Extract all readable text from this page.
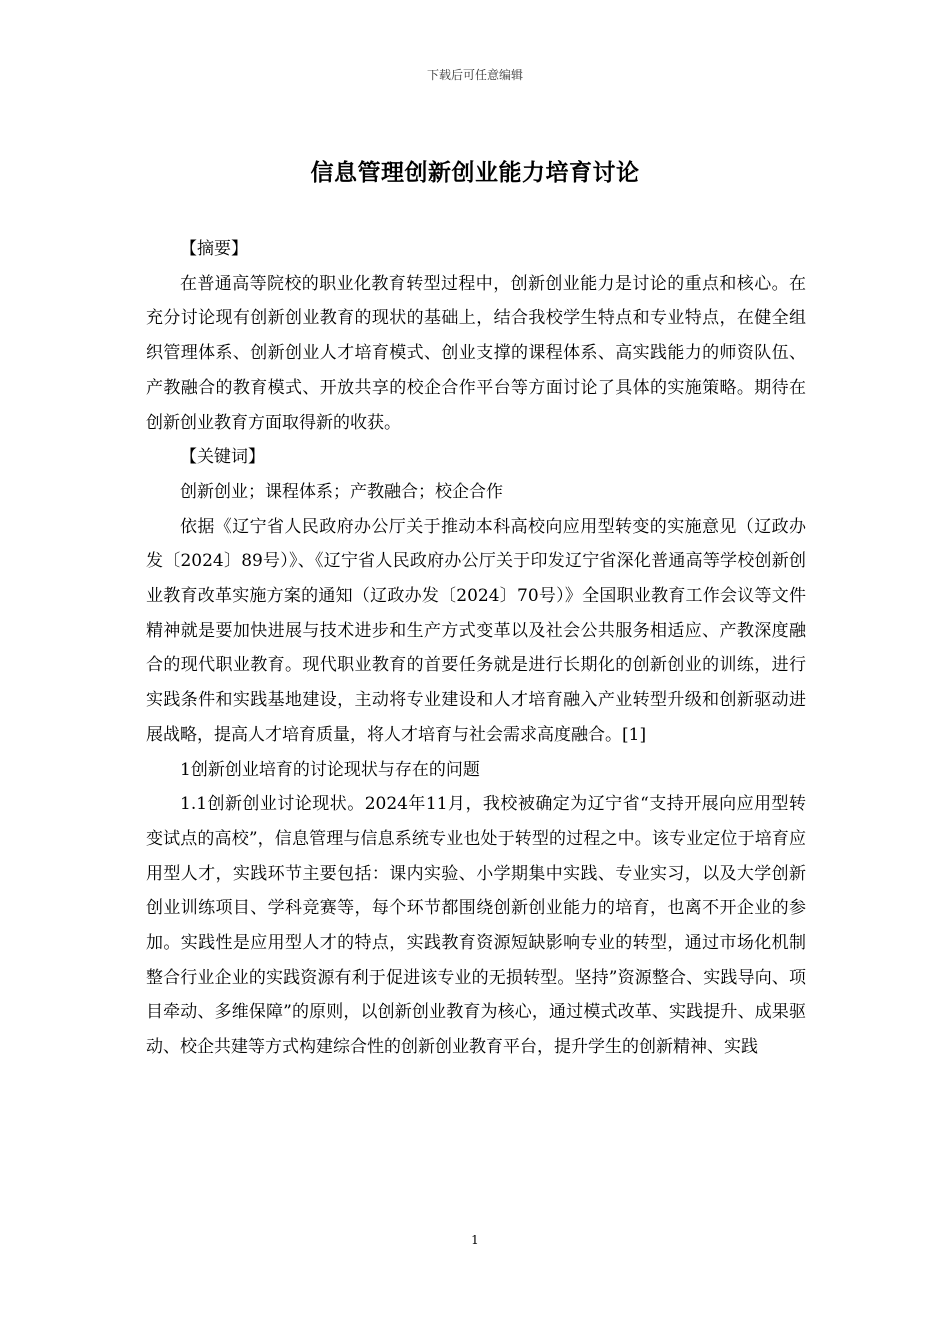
下载后可任意编辑
信息管理创新创业能力培育讨论

【摘要】

在普通高等院校的职业化教育转型过程中，创新创业能力是讨论的重点和核心。在充分讨论现有创新创业教育的现状的基础上，结合我校学生特点和专业特点，在健全组织管理体系、创新创业人才培育模式、创业支撑的课程体系、高实践能力的师资队伍、产教融合的教育模式、开放共享的校企合作平台等方面讨论了具体的实施策略。期待在创新创业教育方面取得新的收获。

【关键词】

创新创业；课程体系；产教融合；校企合作

依据《辽宁省人民政府办公厅关于推动本科高校向应用型转变的实施意见（辽政办发〔2024〕89号）》、《辽宁省人民政府办公厅关于印发辽宁省深化普通高等学校创新创业教育改革实施方案的通知（辽政办发〔2024〕70号）》全国职业教育工作会议等文件精神就是要加快进展与技术进步和生产方式变革以及社会公共服务相适应、产教深度融合的现代职业教育。现代职业教育的首要任务就是进行长期化的创新创业的训练，进行实践条件和实践基地建设，主动将专业建设和人才培育融入产业转型升级和创新驱动进展战略，提高人才培育质量，将人才培育与社会需求高度融合。[1]

1创新创业培育的讨论现状与存在的问题

1.1创新创业讨论现状。2024年11月，我校被确定为辽宁省“支持开展向应用型转变试点的高校”，信息管理与信息系统专业也处于转型的过程之中。该专业定位于培育应用型人才，实践环节主要包括：课内实验、小学期集中实践、专业实习，以及大学创新创业训练项目、学科竞赛等，每个环节都围绕创新创业能力的培育，也离不开企业的参加。实践性是应用型人才的特点，实践教育资源短缺影响专业的转型，通过市场化机制整合行业企业的实践资源有利于促进该专业的无损转型。坚持”资源整合、实践导向、项目牵动、多维保障”的原则，以创新创业教育为核心，通过模式改革、实践提升、成果驱动、校企共建等方式构建综合性的创新创业教育平台，提升学生的创新精神、实践

1
